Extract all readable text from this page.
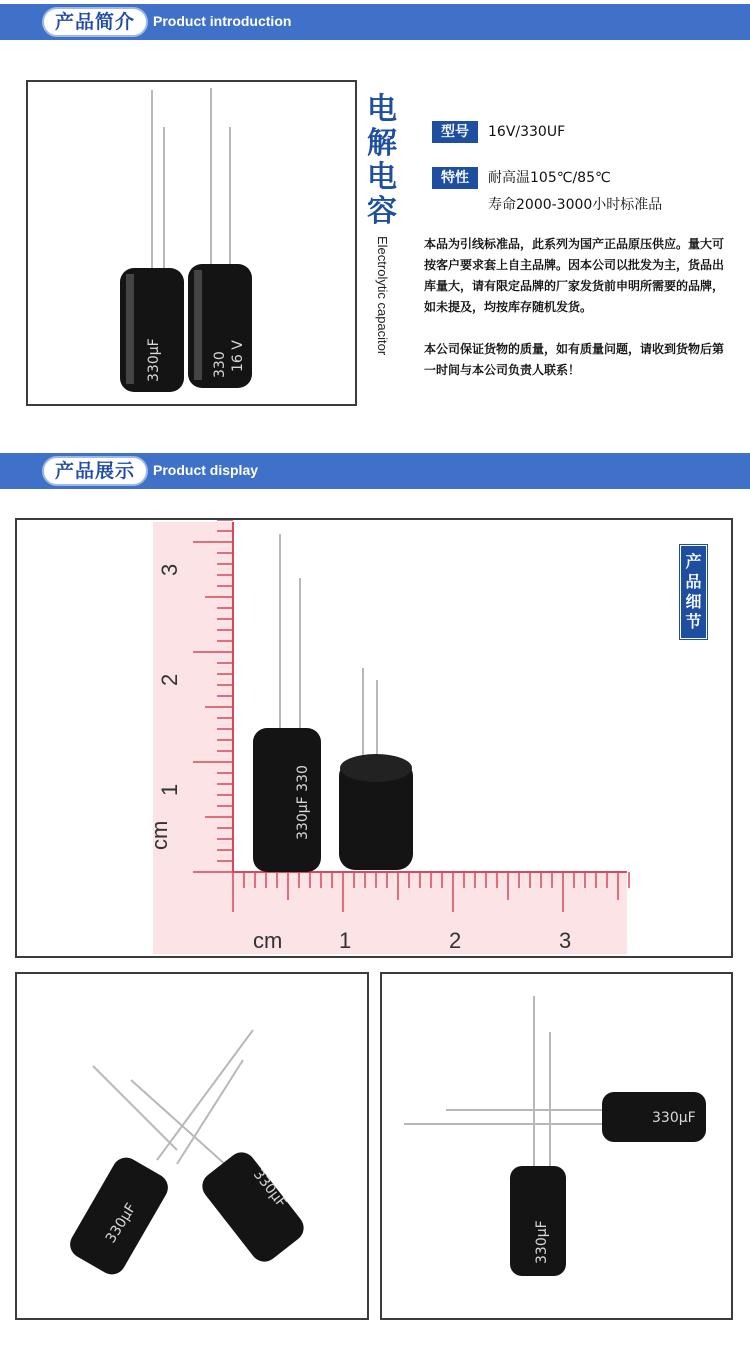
产品简介	Product introduction
330μF	330 16 V
电解电容
Electrolytic capacitor
型号	16V/330UF
特性	耐高温105℃/85℃
寿命2000-3000小时标准品
本品为引线标准品，此系列为国产正品原压供应。量大可按客户要求套上自主品牌。因本公司以批发为主，货品出库量大，请有限定品牌的厂家发货前申明所需要的品牌，如未提及，均按库存随机发货。
本公司保证货物的质量，如有质量问题，请收到货物后第一时间与本公司负责人联系！
产品展示	Product display
cm	1	2	3
cm
1
2
3
330μF 330
产品细节
330μF
330μF
330μF
330μF
